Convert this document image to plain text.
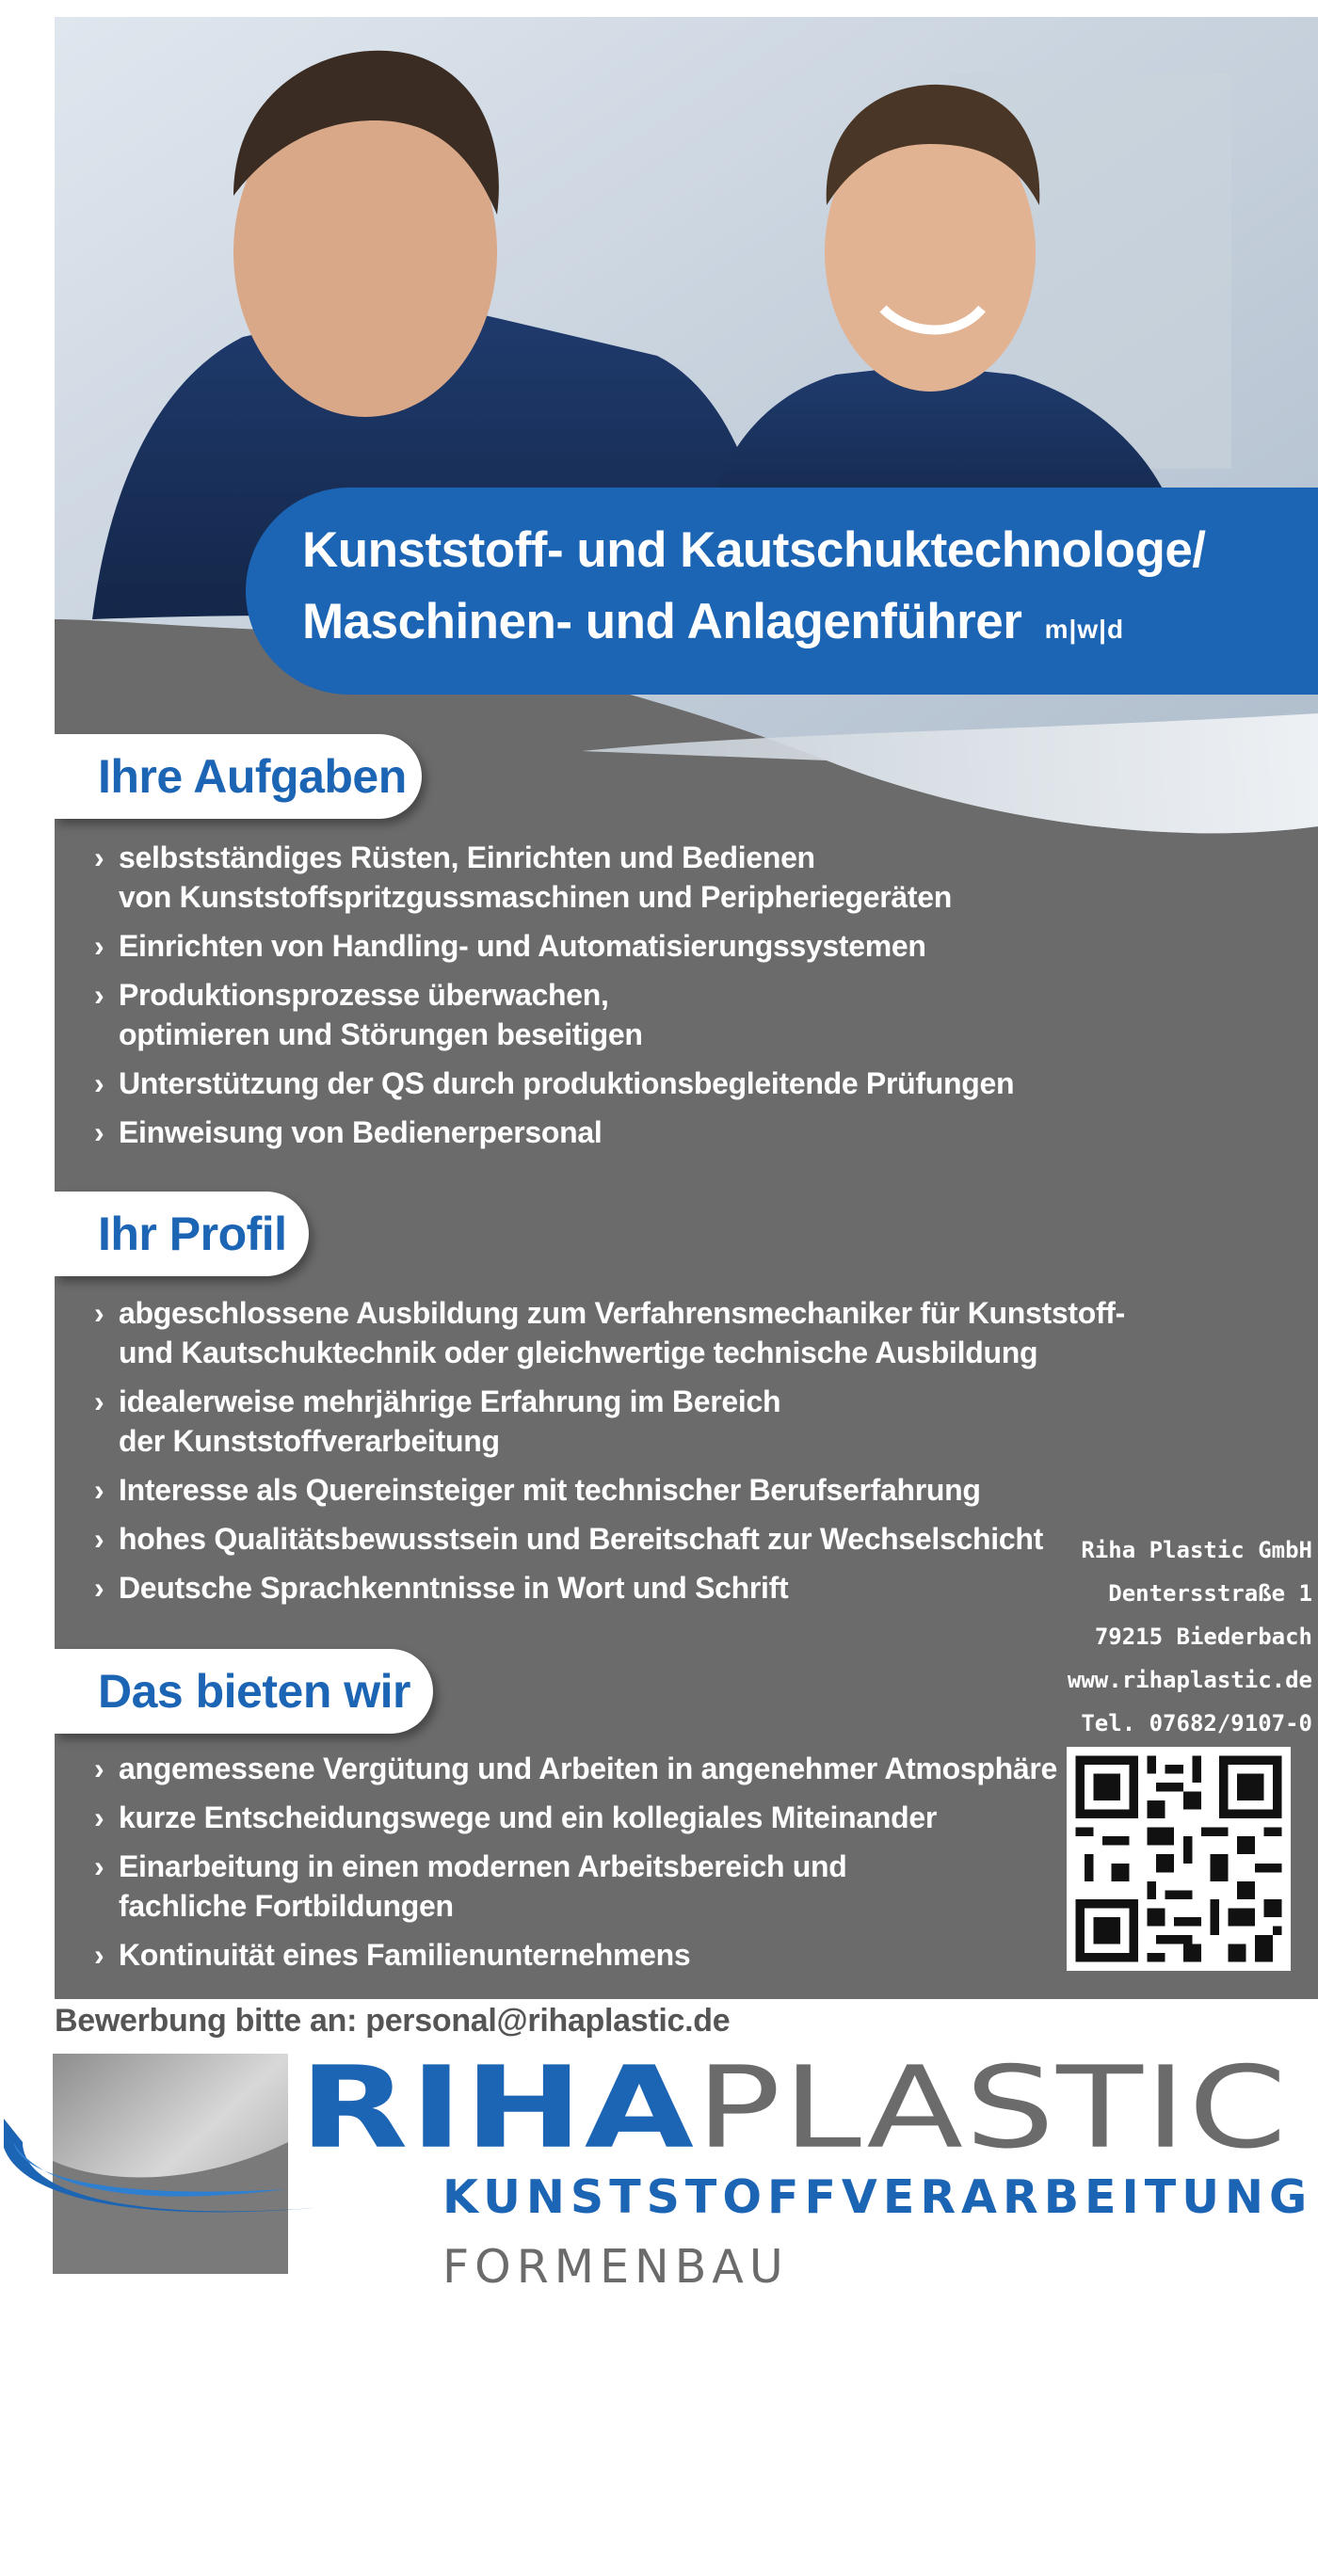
Kunststoff- und Kautschuktechnologe/
Maschinen- und Anlagenführer m|w|d
Ihre Aufgaben
› selbstständiges Rüsten, Einrichten und Bedienen
von Kunststoffspritzgussmaschinen und Peripheriegeräten
› Einrichten von Handling- und Automatisierungssystemen
› Produktionsprozesse überwachen,
optimieren und Störungen beseitigen
› Unterstützung der QS durch produktionsbegleitende Prüfungen
› Einweisung von Bedienerpersonal
Ihr Profil
› abgeschlossene Ausbildung zum Verfahrensmechaniker für Kunststoff-
und Kautschuktechnik oder gleichwertige technische Ausbildung
› idealerweise mehrjährige Erfahrung im Bereich
der Kunststoffverarbeitung
› Interesse als Quereinsteiger mit technischer Berufserfahrung
› hohes Qualitätsbewusstsein und Bereitschaft zur Wechselschicht
› Deutsche Sprachkenntnisse in Wort und Schrift
Das bieten wir
› angemessene Vergütung und Arbeiten in angenehmer Atmosphäre
› kurze Entscheidungswege und ein kollegiales Miteinander
› Einarbeitung in einen modernen Arbeitsbereich und
fachliche Fortbildungen
› Kontinuität eines Familienunternehmens
Riha Plastic GmbH
Dentersstraße 1
79215 Biederbach
www.rihaplastic.de
Tel. 07682/9107-0
Bewerbung bitte an: personal@rihaplastic.de
RIHAPLASTIC
KUNSTSTOFFVERARBEITUNG
FORMENBAU
